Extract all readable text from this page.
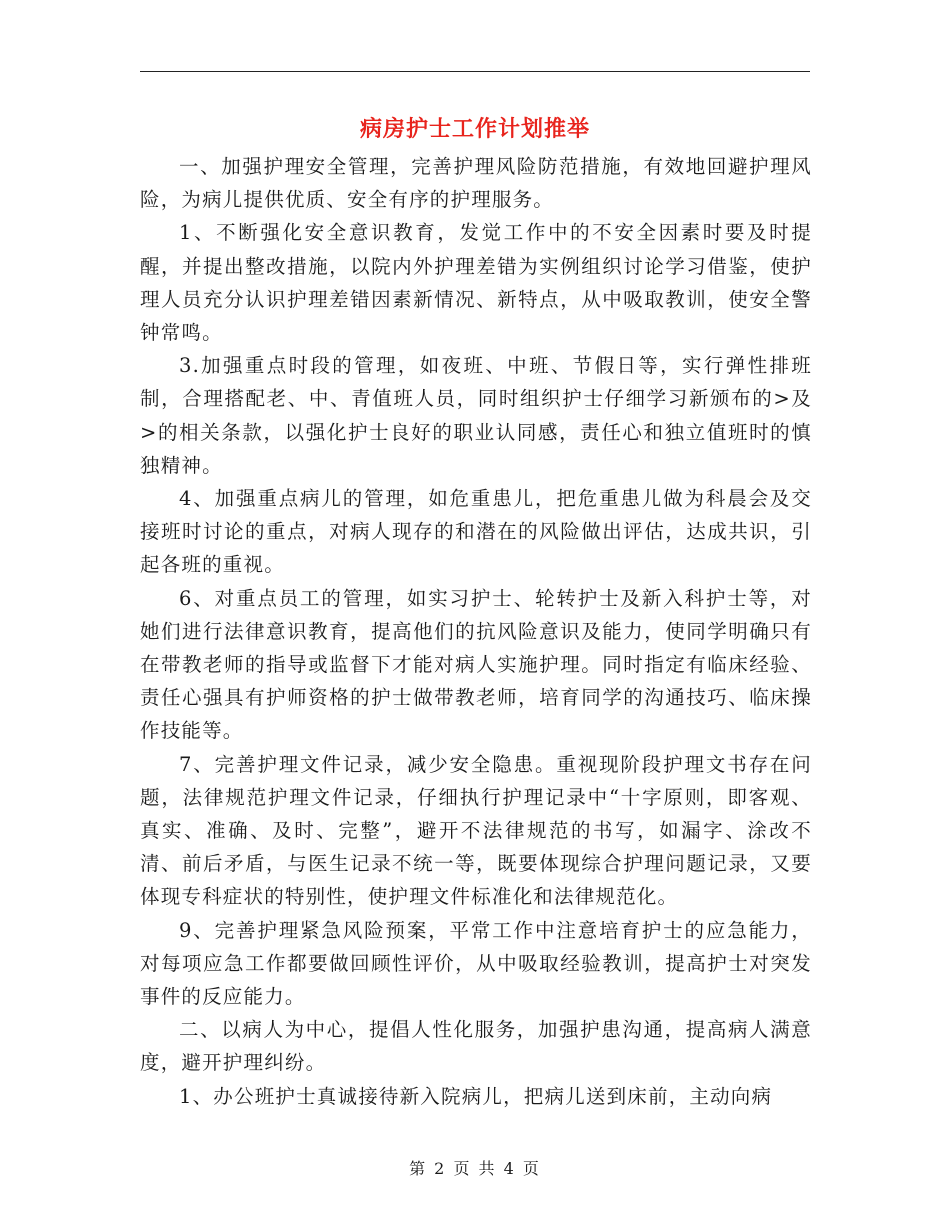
病房护士工作计划推举

一、加强护理安全管理，完善护理风险防范措施，有效地回避护理风险，为病儿提供优质、安全有序的护理服务。

1、不断强化安全意识教育，发觉工作中的不安全因素时要及时提醒，并提出整改措施，以院内外护理差错为实例组织讨论学习借鉴，使护理人员充分认识护理差错因素新情况、新特点，从中吸取教训，使安全警钟常鸣。

3.加强重点时段的管理，如夜班、中班、节假日等，实行弹性排班制，合理搭配老、中、青值班人员，同时组织护士仔细学习新颁布的>及>的相关条款，以强化护士良好的职业认同感，责任心和独立值班时的慎独精神。

4、加强重点病儿的管理，如危重患儿，把危重患儿做为科晨会及交接班时讨论的重点，对病人现存的和潜在的风险做出评估，达成共识，引起各班的重视。

6、对重点员工的管理，如实习护士、轮转护士及新入科护士等，对她们进行法律意识教育，提高他们的抗风险意识及能力，使同学明确只有在带教老师的指导或监督下才能对病人实施护理。同时指定有临床经验、责任心强具有护师资格的护士做带教老师，培育同学的沟通技巧、临床操作技能等。

7、完善护理文件记录，减少安全隐患。重视现阶段护理文书存在问题，法律规范护理文件记录，仔细执行护理记录中“十字原则，即客观、真实、准确、及时、完整”，避开不法律规范的书写，如漏字、涂改不清、前后矛盾，与医生记录不统一等，既要体现综合护理问题记录，又要体现专科症状的特别性，使护理文件标准化和法律规范化。

9、完善护理紧急风险预案，平常工作中注意培育护士的应急能力，对每项应急工作都要做回顾性评价，从中吸取经验教训，提高护士对突发事件的反应能力。

二、以病人为中心，提倡人性化服务，加强护患沟通，提高病人满意度，避开护理纠纷。

1、办公班护士真诚接待新入院病儿，把病儿送到床前，主动向病

第 2 页 共 4 页
